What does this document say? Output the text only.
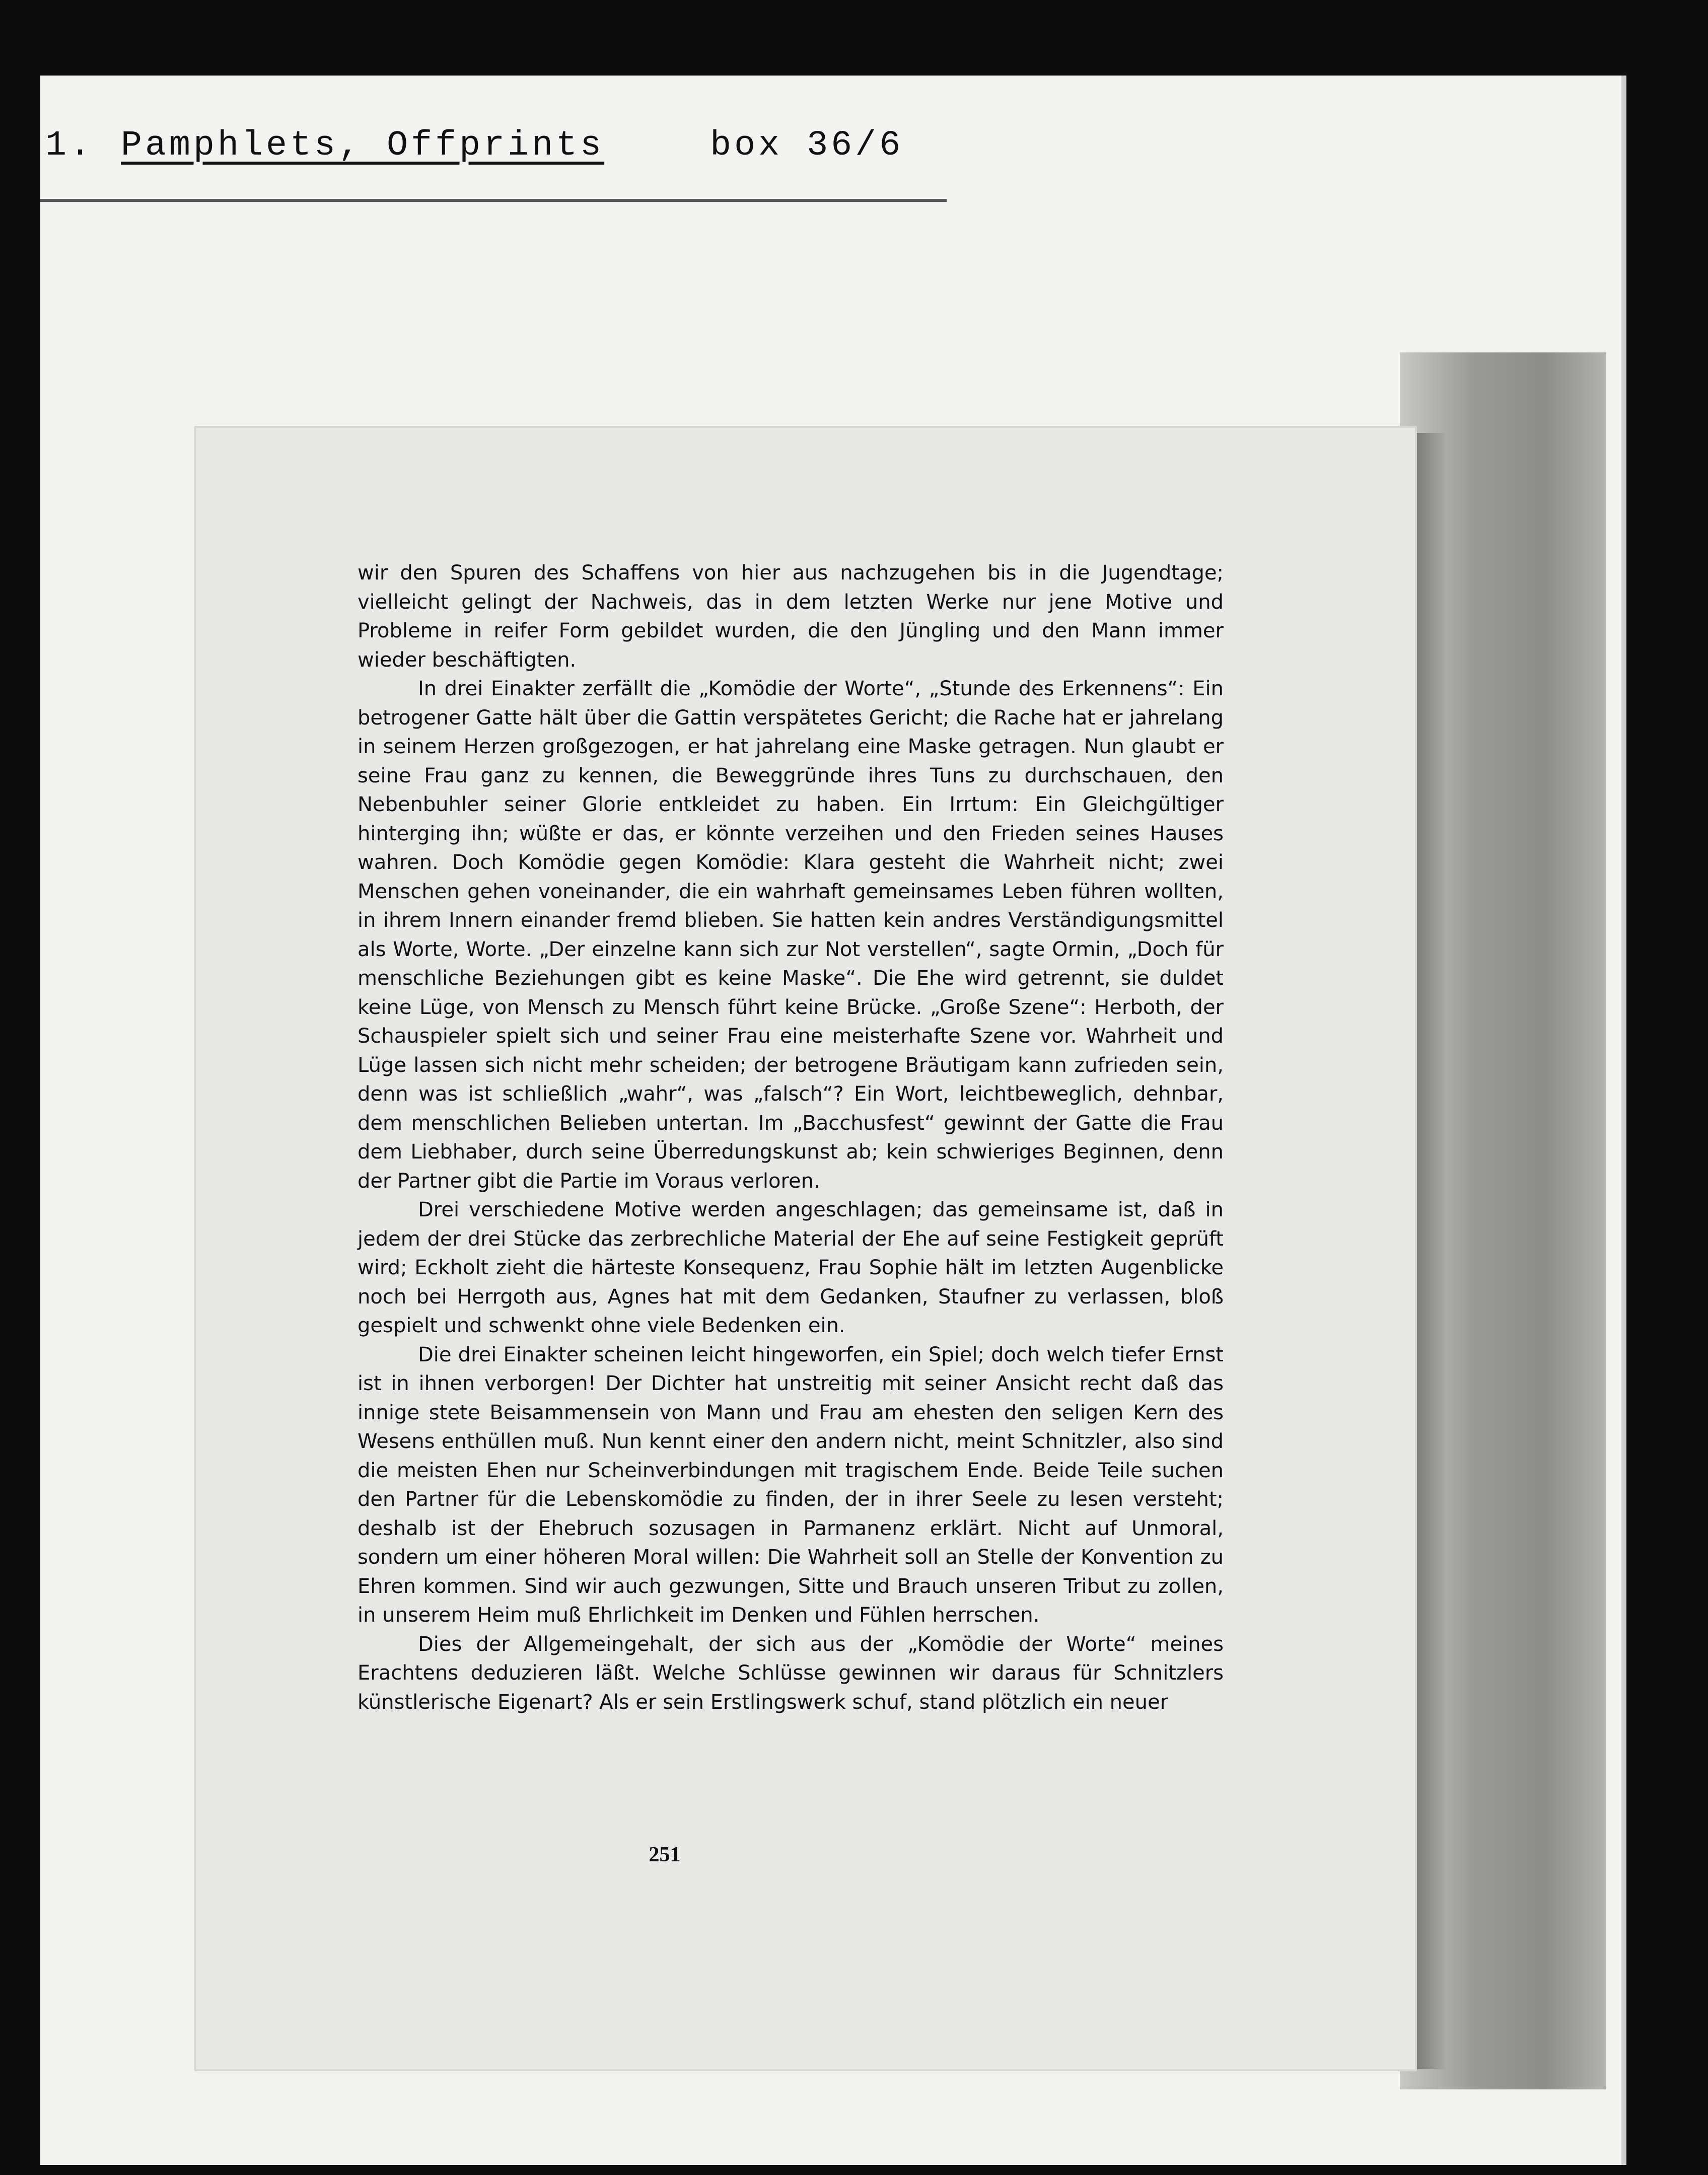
1. Pamphlets, Offprints	box 36/6

wir den Spuren des Schaffens von hier aus nachzugehen bis in die Jugendtage; vielleicht gelingt der Nachweis, das in dem letzten Werke nur jene Motive und Probleme in reifer Form gebildet wurden, die den Jüngling und den Mann immer wieder beschäftigten.

In drei Einakter zerfällt die „Komödie der Worte“, „Stunde des Erkennens“: Ein betrogener Gatte hält über die Gattin verspätetes Gericht; die Rache hat er jahrelang in seinem Herzen großgezogen, er hat jahrelang eine Maske getragen. Nun glaubt er seine Frau ganz zu kennen, die Beweggründe ihres Tuns zu durchschauen, den Nebenbuhler seiner Glorie entkleidet zu haben. Ein Irrtum: Ein Gleichgültiger hinterging ihn; wüßte er das, er könnte verzeihen und den Frieden seines Hauses wahren. Doch Komödie gegen Komödie: Klara gesteht die Wahrheit nicht; zwei Menschen gehen voneinander, die ein wahrhaft gemeinsames Leben führen wollten, in ihrem Innern einander fremd blieben. Sie hatten kein andres Verständigungsmittel als Worte, Worte. „Der einzelne kann sich zur Not verstellen“, sagte Ormin, „Doch für menschliche Beziehungen gibt es keine Maske“. Die Ehe wird getrennt, sie duldet keine Lüge, von Mensch zu Mensch führt keine Brücke. „Große Szene“: Herboth, der Schauspieler spielt sich und seiner Frau eine meisterhafte Szene vor. Wahrheit und Lüge lassen sich nicht mehr scheiden; der betrogene Bräutigam kann zufrieden sein, denn was ist schließlich „wahr“, was „falsch“? Ein Wort, leichtbeweglich, dehnbar, dem menschlichen Belieben untertan. Im „Bacchusfest“ gewinnt der Gatte die Frau dem Liebhaber, durch seine Überredungskunst ab; kein schwieriges Beginnen, denn der Partner gibt die Partie im Voraus verloren.

Drei verschiedene Motive werden angeschlagen; das gemeinsame ist, daß in jedem der drei Stücke das zerbrechliche Material der Ehe auf seine Festigkeit geprüft wird; Eckholt zieht die härteste Konsequenz, Frau Sophie hält im letzten Augenblicke noch bei Herrgoth aus, Agnes hat mit dem Gedanken, Staufner zu verlassen, bloß gespielt und schwenkt ohne viele Bedenken ein.

Die drei Einakter scheinen leicht hingeworfen, ein Spiel; doch welch tiefer Ernst ist in ihnen verborgen! Der Dichter hat unstreitig mit seiner Ansicht recht daß das innige stete Beisammensein von Mann und Frau am ehesten den seligen Kern des Wesens enthüllen muß. Nun kennt einer den andern nicht, meint Schnitzler, also sind die meisten Ehen nur Scheinverbindungen mit tragischem Ende. Beide Teile suchen den Partner für die Lebenskomödie zu finden, der in ihrer Seele zu lesen versteht; deshalb ist der Ehebruch sozusagen in Parmanenz erklärt. Nicht auf Unmoral, sondern um einer höheren Moral willen: Die Wahrheit soll an Stelle der Konvention zu Ehren kommen. Sind wir auch gezwungen, Sitte und Brauch unseren Tribut zu zollen, in unserem Heim muß Ehrlichkeit im Denken und Fühlen herrschen.

Dies der Allgemeingehalt, der sich aus der „Komödie der Worte“ meines Erachtens deduzieren läßt. Welche Schlüsse gewinnen wir daraus für Schnitzlers künstlerische Eigenart? Als er sein Erstlingswerk schuf, stand plötzlich ein neuer

251
